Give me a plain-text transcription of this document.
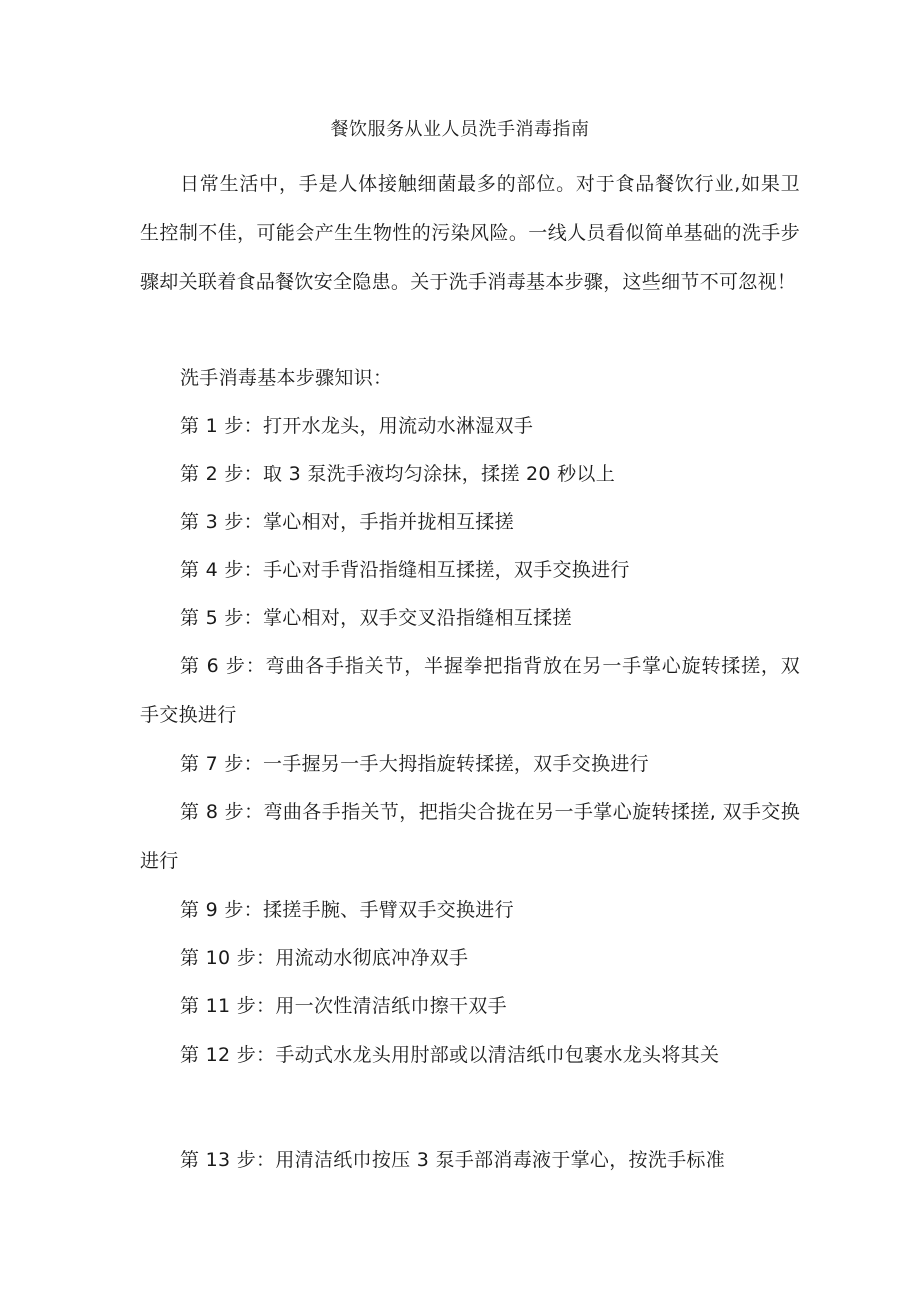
餐饮服务从业人员洗手消毒指南

日常生活中，手是人体接触细菌最多的部位。对于食品餐饮行业,如果卫生控制不佳，可能会产生生物性的污染风险。一线人员看似简单基础的洗手步骤却关联着食品餐饮安全隐患。关于洗手消毒基本步骤，这些细节不可忽视！

洗手消毒基本步骤知识：

第 1 步：打开水龙头，用流动水淋湿双手

第 2 步：取 3 泵洗手液均匀涂抹，揉搓 20 秒以上

第 3 步：掌心相对，手指并拢相互揉搓

第 4 步：手心对手背沿指缝相互揉搓，双手交换进行

第 5 步：掌心相对，双手交叉沿指缝相互揉搓

第 6 步：弯曲各手指关节，半握拳把指背放在另一手掌心旋转揉搓，双手交换进行

第 7 步：一手握另一手大拇指旋转揉搓，双手交换进行

第 8 步：弯曲各手指关节，把指尖合拢在另一手掌心旋转揉搓, 双手交换进行

第 9 步：揉搓手腕、手臂双手交换进行

第 10 步：用流动水彻底冲净双手

第 11 步：用一次性清洁纸巾擦干双手

第 12 步：手动式水龙头用肘部或以清洁纸巾包裹水龙头将其关

第 13 步：用清洁纸巾按压 3 泵手部消毒液于掌心，按洗手标准
